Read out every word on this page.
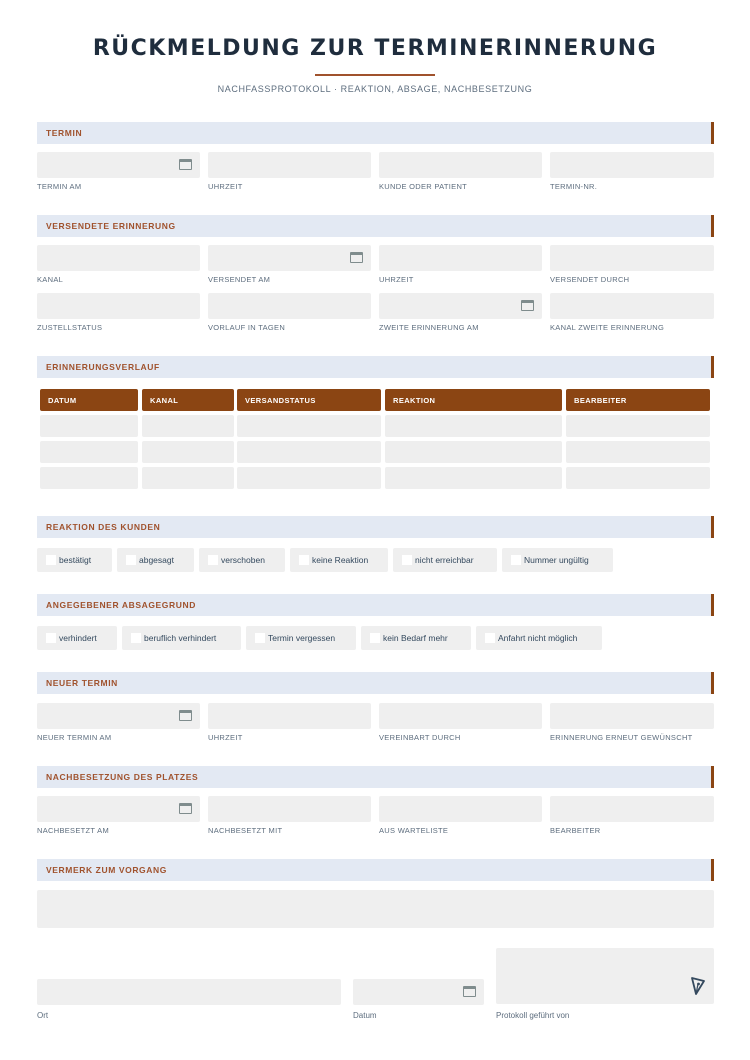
RÜCKMELDUNG ZUR TERMINERINNERUNG
NACHFASSPROTOKOLL · REAKTION, ABSAGE, NACHBESETZUNG
TERMIN
TERMIN AM	UHRZEIT	KUNDE ODER PATIENT	TERMIN-NR.
VERSENDETE ERINNERUNG
KANAL	VERSENDET AM	UHRZEIT	VERSENDET DURCH
ZUSTELLSTATUS	VORLAUF IN TAGEN	ZWEITE ERINNERUNG AM	KANAL ZWEITE ERINNERUNG
ERINNERUNGSVERLAUF
DATUM	KANAL	VERSANDSTATUS	REAKTION	BEARBEITER
REAKTION DES KUNDEN
bestätigt	abgesagt	verschoben	keine Reaktion	nicht erreichbar	Nummer ungültig
ANGEGEBENER ABSAGEGRUND
verhindert	beruflich verhindert	Termin vergessen	kein Bedarf mehr	Anfahrt nicht möglich
NEUER TERMIN
NEUER TERMIN AM	UHRZEIT	VEREINBART DURCH	ERINNERUNG ERNEUT GEWÜNSCHT
NACHBESETZUNG DES PLATZES
NACHBESETZT AM	NACHBESETZT MIT	AUS WARTELISTE	BEARBEITER
VERMERK ZUM VORGANG
Ort	Datum	Protokoll geführt von
